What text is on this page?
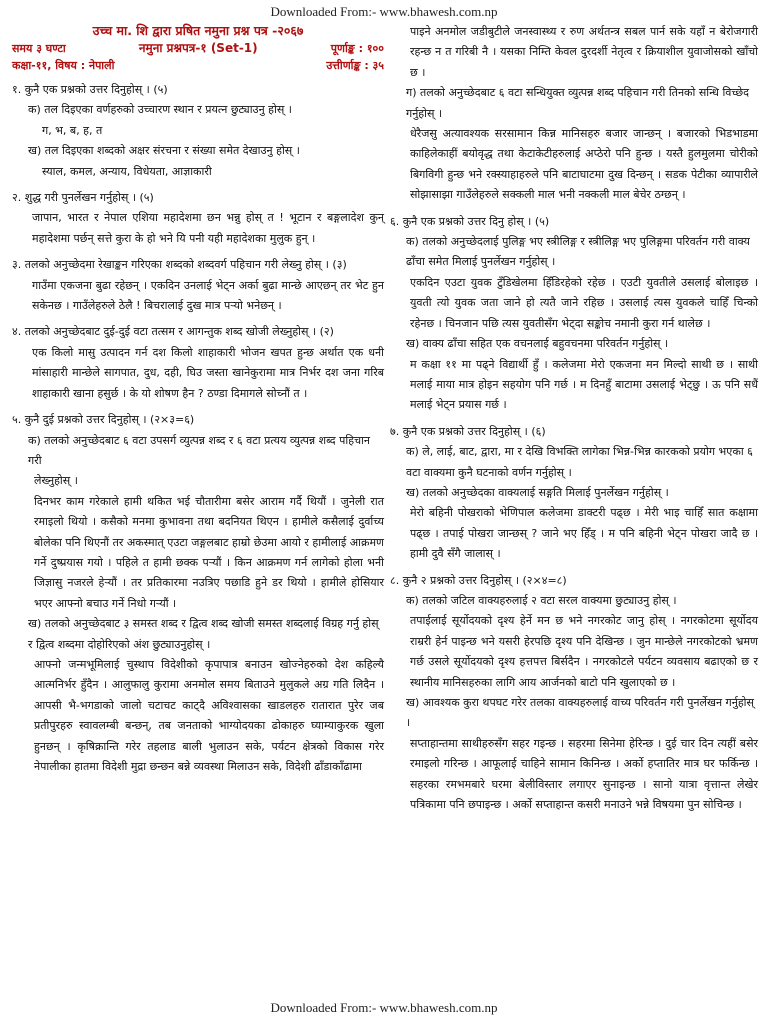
Downloaded From:- www.bhawesh.com.np
उच्च मा. शि द्वारा प्रषित नमुना प्रश्न पत्र -२०६७
समय ३ घण्टा	नमुना प्रश्नपत्र-१ (Set-1)	पूर्णाङ्क : १००
कक्षा-११, विषय : नेपाली	उत्तीर्णाङ्क : ३५

१. कुनै एक प्रश्नको उत्तर दिनुहोस् । (५)

क) तल दिइएका वर्णहरुको उच्चारण स्थान र प्रयत्न छुट्याउनु होस् ।

ग, भ, ब, ह, त

ख) तल दिइएका शब्दको अक्षर संरचना र संख्या समेत देखाउनु होस् ।

स्याल, कमल, अन्याय, विधेयता, आज्ञाकारी

२. शुद्ध गरी पुनर्लेखन गर्नुहोस् । (५)

जापान, भारत र नेपाल एशिया महादेशमा छन भन्नु होस् त ! भूटान र बङ्गलादेश कुन् महादेशमा पर्छन् सत्ते कुरा के हो भने यि पनी यही महादेशका मुलुक हुन् ।

३. तलको अनुच्छेदमा रेखाङ्कन गरिएका शब्दको शब्दवर्ग पहिचान गरी लेख्नु होस् । (३)

गाउँमा एकजना बुढा रहेछन् । एकदिन उनलाई भेट्न अर्का बुढा मान्छे आएछन् तर भेट हुन सकेनछ । गाउँलेहरुले ठेलै ! बिचरालाई दुख मात्र पर्‍यो भनेछन् ।

४. तलको अनुच्छेदबाट दुई-दुई वटा तत्सम र आगन्तुक शब्द खोजी लेख्नुहोस् । (२)

एक किलो मासु उत्पादन गर्न दश किलो शाहाकारी भोजन खपत हुन्छ अर्थात एक धनी मांसाहारी मान्छेले सागपात, दुध, दही, घिउ जस्ता खानेकुरामा मात्र निर्भर दश जना गरिब शाहाकारी खाना हसुर्छ । के यो शोषण हैन ? ठण्डा दिमागले सोच्नौं त ।

५. कुनै दुई प्रश्नको उत्तर दिनुहोस् । (२×३=६)

क) तलको अनुच्छेदबाट ६ वटा उपसर्ग व्युत्पन्न शब्द र ६ वटा प्रत्यय व्युत्पन्न शब्द पहिचान गरी

लेख्नुहोस् ।

दिनभर काम गरेकाले हामी थकित भई चौतारीमा बसेर आराम गर्दै थियौं । जुनेली रात रमाइलो थियो । कसैको मनमा कुभावना तथा बदनियत थिएन । हामीले कसैलाई दुर्वाच्य बोलेका पनि थिएनौं तर अकस्मात् एउटा जङ्गलबाट हाम्रो छेउमा आयो र हामीलाई आक्रमण गर्ने दुष्प्रयास गयो । पहिले त हामी छक्क पर्‍यौं । किन आक्रमण गर्न लागेको होला भनी जिज्ञासु नजरले हेर्‍यौं । तर प्रतिकारमा नउत्रिए पछाडि हुने डर थियो । हामीले होसियार भएर आफ्नो बचाउ गर्ने निधो गर्‍यौं ।

ख) तलको अनुच्छेदबाट ३ समस्त शब्द र द्वित्व शब्द खोजी समस्त शब्दलाई विग्रह गर्नु होस् र द्वित्व शब्दमा दोहोरिएको अंश छुट्याउनुहोस् ।

आफ्नो जन्मभूमिलाई चुस्थाप विदेशीको कृपापात्र बनाउन खोज्नेहरुको देश कहिल्यै आत्मनिर्भर हुँदैन । आलुफालु कुरामा अनमोल समय बिताउने मुलुकले अग्र गति लिदैन । आपसी भै-भगडाको जालो चटाचट काट्दै अविश्वासका खाडलहरु रातारात पुरेर जब प्रतीपुरहरु स्वावलम्बी बन्छन्, तब जनताको भाग्योदयका ढोकाहरु घ्याम्याकुरक खुला हुनछन् । कृषिक्रान्ति गरेर तहलाड बाली भुलाउन सके, पर्यटन क्षेत्रको विकास गरेर नेपालीका हातमा विदेशी मुद्रा छन्छन बन्ने व्यवस्था मिलाउन सके, विदेशी ढाँडाकाँढामा

पाइने अनमोल जडीबुटीले जनस्वास्थ्य र रुण अर्थतन्त्र सबल पार्न सके यहाँ न बेरोजगारी रहन्छ न त गरिबी नै । यसका निम्ति केवल दुरदर्शी नेतृत्व र क्रियाशील युवाजोसको खाँचो छ ।

ग) तलको अनुच्छेदबाट ६ वटा सन्धियुक्त व्युत्पन्न शब्द पहिचान गरी तिनको सन्धि विच्छेद गर्नुहोस् ।

धेरैजसु अत्यावश्यक सरसामान किन्न मानिसहरु बजार जान्छन् । बजारको भिडभाडमा काहिलेकाहीं बयोवृद्ध तथा केटाकेटीहरुलाई अप्ठेरो पनि हुन्छ । यस्तै हुलमुलमा चोरीको बिगविगी हुन्छ भने रक्स्याहाहरुले पनि बाटाघाटमा दुख दिन्छन् । सडक पेटीका व्यापारीले सोझासाझा गाउँलेहरुले सक्कली माल भनी नक्कली माल बेचेर ठग्छन् ।

६. कुनै एक प्रश्नको उत्तर दिनु होस् । (५)

क) तलको अनुच्छेदलाई पुलिङ्ग भए स्त्रीलिङ्ग र स्त्रीलिङ्ग भए पुलिङ्गमा परिवर्तन गरी वाक्य ढाँचा समेत मिलाई पुनर्लेखन गर्नुहोस् ।

एकदिन एउटा युवक टुँडिखेलमा हिँडिरहेको रहेछ । एउटी युवतीले उसलाई बोलाइछ । युवती त्यो युवक जता जाने हो त्यतै जाने रहिछ । उसलाई त्यस युवकले चाहिँ चिन्को रहेनछ । चिनजान पछि त्यस युवतीसँग भेट्दा सङ्कोच नमानी कुरा गर्न थालेछ ।

ख) वाक्य ढाँचा सहित एक वचनलाई बहुवचनमा परिवर्तन गर्नुहोस् ।

म कक्षा ११ मा पढ्ने विद्यार्थी हुँ । कलेजमा मेरो एकजना मन मिल्दो साथी छ । साथी मलाई माया मात्र होइन सहयोग पनि गर्छ । म दिनहुँ बाटामा उसलाई भेट्छु । ऊ पनि सधैं मलाई भेट्न प्रयास गर्छ ।

७. कुनै एक प्रश्नको उत्तर दिनुहोस् । (६)

क) ले, लाई, बाट, द्वारा, मा र देखि विभक्ति लागेका भिन्न-भिन्न कारकको प्रयोग भएका ६ वटा वाक्यमा कुनै घटनाको वर्णन गर्नुहोस् ।

ख) तलको अनुच्छेदका वाक्यलाई सङ्गति मिलाई पुनर्लेखन गर्नुहोस् ।

मेरो बहिनी पोखराको भेणिपाल कलेजमा डाक्टरी पढ्छ । मेरी भाइ चाहिँ सात कक्षामा पढ्छ । तपाई पोखरा जान्छस् ? जाने भए हिँड् । म पनि बहिनी भेट्न पोखरा जादै छ । हामी दुवै सँगै जालास् ।

८. कुनै २ प्रश्नको उत्तर दिनुहोस् । (२×४=८)

क) तलको जटिल वाक्यहरुलाई २ वटा सरल वाक्यमा छुट्याउनु होस् ।

तपाईलाई सूर्योदयको दृश्य हेर्ने मन छ भने नगरकोट जानु होस् । नगरकोटमा सूर्योदय राम्ररी हेर्न पाइन्छ भने यसरी हेरपछि दृश्य पनि देखिन्छ । जुन मान्छेले नगरकोटको भ्रमण गर्छ उसले सूर्योदयको दृश्य हत्तपत्त बिर्सदैन । नगरकोटले पर्यटन व्यवसाय बढाएको छ र स्थानीय मानिसहरुका लागि आय आर्जनको बाटो पनि खुलाएको छ ।

ख) आवश्यक कुरा थपघट गरेर तलका वाक्यहरुलाई वाच्य परिवर्तन गरी पुनर्लेखन गर्नुहोस् ।

सप्ताहान्तमा साथीहरुसँग सहर गइन्छ । सहरमा सिनेमा हेरिन्छ । दुई चार दिन त्यहीं बसेर रमाइलो गरिन्छ । आफूलाई चाहिने सामान किनिन्छ । अर्को हप्तातिर मात्र घर फर्किन्छ । सहरका रमभमबारे घरमा बेलीविस्तार लगाएर सुनाइन्छ । सानो यात्रा वृत्तान्त लेखेर पत्रिकामा पनि छपाइन्छ । अर्को सप्ताहान्त कसरी मनाउने भन्ने विषयमा पुन सोचिन्छ ।

Downloaded From:- www.bhawesh.com.np
